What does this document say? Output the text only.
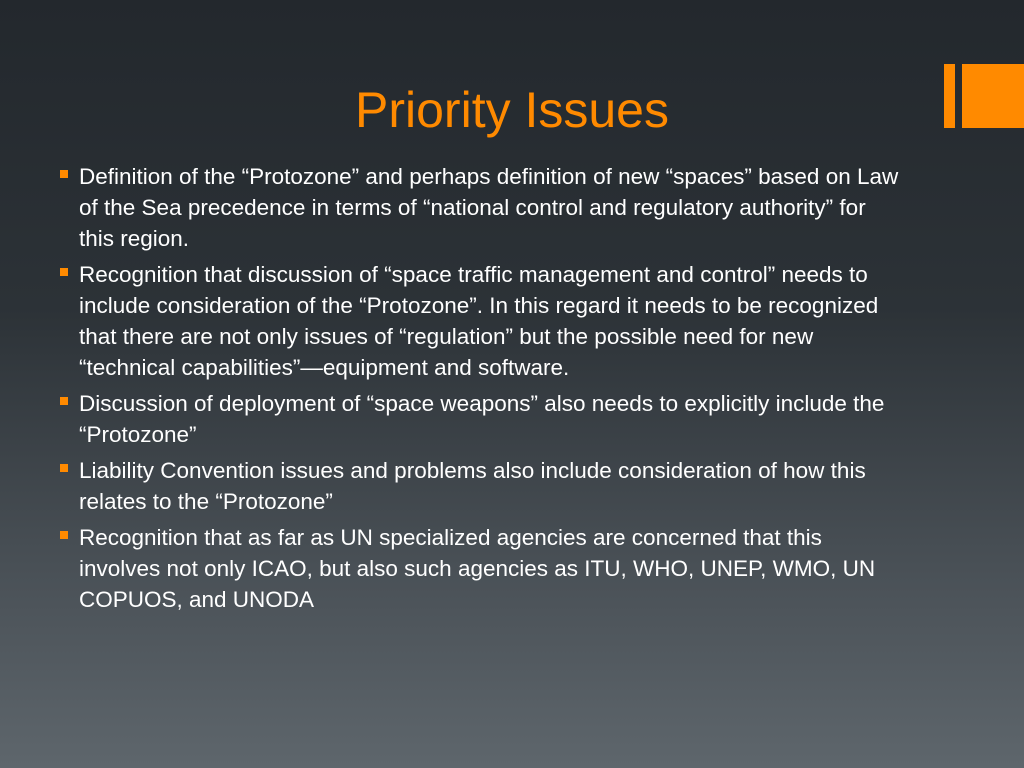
Priority Issues
Definition of the “Protozone” and perhaps definition of new “spaces” based on Law of the Sea precedence in terms of “national control and regulatory authority” for this region.
Recognition that discussion of “space traffic management and control” needs to include consideration of the “Protozone”. In this regard it needs to be recognized that there are not only issues of “regulation” but the possible need for new “technical capabilities”—equipment and software.
Discussion of deployment of “space weapons” also needs to explicitly include the “Protozone”
Liability Convention issues and problems also include consideration of how this relates to the “Protozone”
Recognition that as far as UN specialized agencies are concerned that this involves not only ICAO, but also such agencies as ITU, WHO, UNEP, WMO, UN COPUOS, and UNODA
